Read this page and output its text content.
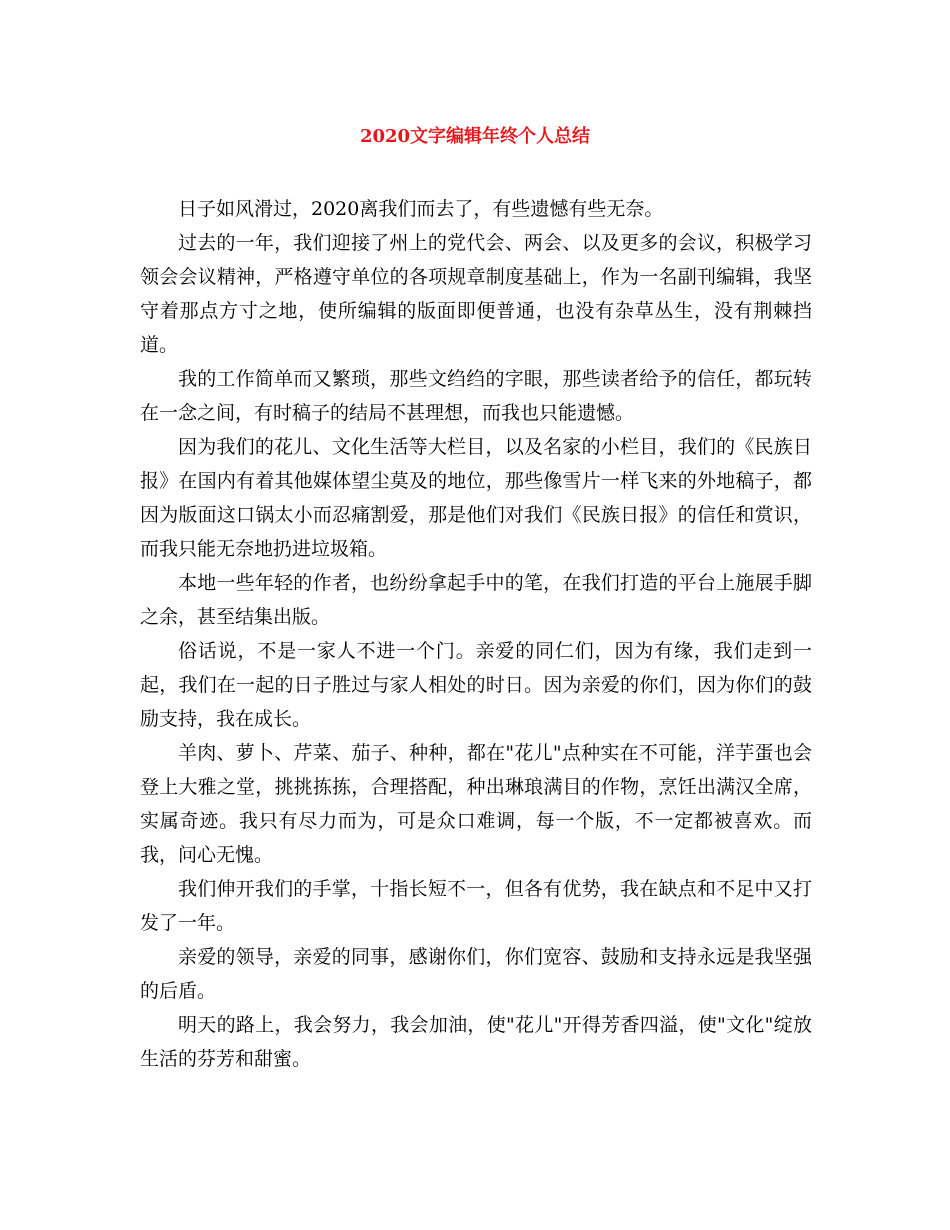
2020文字编辑年终个人总结

日子如风滑过，2020离我们而去了，有些遗憾有些无奈。

过去的一年，我们迎接了州上的党代会、两会、以及更多的会议，积极学习领会会议精神，严格遵守单位的各项规章制度基础上，作为一名副刊编辑，我坚守着那点方寸之地，使所编辑的版面即便普通，也没有杂草丛生，没有荆棘挡道。

我的工作简单而又繁琐，那些文绉绉的字眼，那些读者给予的信任，都玩转在一念之间，有时稿子的结局不甚理想，而我也只能遗憾。

因为我们的花儿、文化生活等大栏目，以及名家的小栏目，我们的《民族日报》在国内有着其他媒体望尘莫及的地位，那些像雪片一样飞来的外地稿子，都因为版面这口锅太小而忍痛割爱，那是他们对我们《民族日报》的信任和赏识，而我只能无奈地扔进垃圾箱。

本地一些年轻的作者，也纷纷拿起手中的笔，在我们打造的平台上施展手脚之余，甚至结集出版。

俗话说，不是一家人不进一个门。亲爱的同仁们，因为有缘，我们走到一起，我们在一起的日子胜过与家人相处的时日。因为亲爱的你们，因为你们的鼓励支持，我在成长。

羊肉、萝卜、芹菜、茄子、种种，都在"花儿"点种实在不可能，洋芋蛋也会登上大雅之堂，挑挑拣拣，合理搭配，种出琳琅满目的作物，烹饪出满汉全席，实属奇迹。我只有尽力而为，可是众口难调，每一个版，不一定都被喜欢。而我，问心无愧。

我们伸开我们的手掌，十指长短不一，但各有优势，我在缺点和不足中又打发了一年。

亲爱的领导，亲爱的同事，感谢你们，你们宽容、鼓励和支持永远是我坚强的后盾。

明天的路上，我会努力，我会加油，使"花儿"开得芳香四溢，使"文化"绽放生活的芬芳和甜蜜。
